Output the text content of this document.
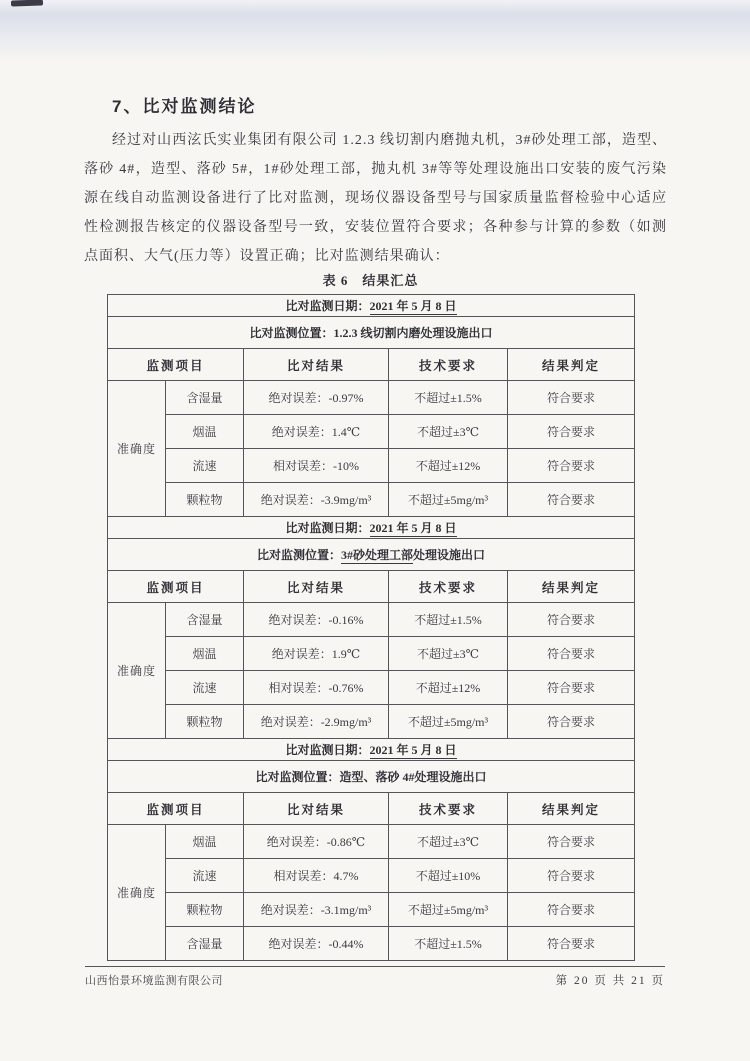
7、比对监测结论
经过对山西泫氏实业集团有限公司 1.2.3 线切割内磨抛丸机，3#砂处理工部，造型、落砂 4#，造型、落砂 5#，1#砂处理工部，抛丸机 3#等等处理设施出口安装的废气污染源在线自动监测设备进行了比对监测，现场仪器设备型号与国家质量监督检验中心适应性检测报告核定的仪器设备型号一致，安装位置符合要求；各种参与计算的参数（如测点面积、大气(压力等）设置正确；比对监测结果确认：
表 6　结果汇总
比对监测日期：2021 年 5 月 8 日				
比对监测位置：1.2.3 线切割内磨处理设施出口				
监测项目		比对结果	技术要求	结果判定
准确度	含湿量	绝对误差：-0.97%	不超过±1.5%	符合要求
	烟温	绝对误差：1.4℃	不超过±3℃	符合要求
	流速	相对误差：-10%	不超过±12%	符合要求
	颗粒物	绝对误差：-3.9mg/m³	不超过±5mg/m³	符合要求
比对监测日期：2021 年 5 月 8 日				
比对监测位置：3#砂处理工部处理设施出口				
监测项目		比对结果	技术要求	结果判定
准确度	含湿量	绝对误差：-0.16%	不超过±1.5%	符合要求
	烟温	绝对误差：1.9℃	不超过±3℃	符合要求
	流速	相对误差：-0.76%	不超过±12%	符合要求
	颗粒物	绝对误差：-2.9mg/m³	不超过±5mg/m³	符合要求
比对监测日期：2021 年 5 月 8 日				
比对监测位置：造型、落砂 4#处理设施出口				
监测项目		比对结果	技术要求	结果判定
准确度	烟温	绝对误差：-0.86℃	不超过±3℃	符合要求
	流速	相对误差：4.7%	不超过±10%	符合要求
	颗粒物	绝对误差：-3.1mg/m³	不超过±5mg/m³	符合要求
	含湿量	绝对误差：-0.44%	不超过±1.5%	符合要求
山西怡景环境监测有限公司	第 20 页 共 21 页
